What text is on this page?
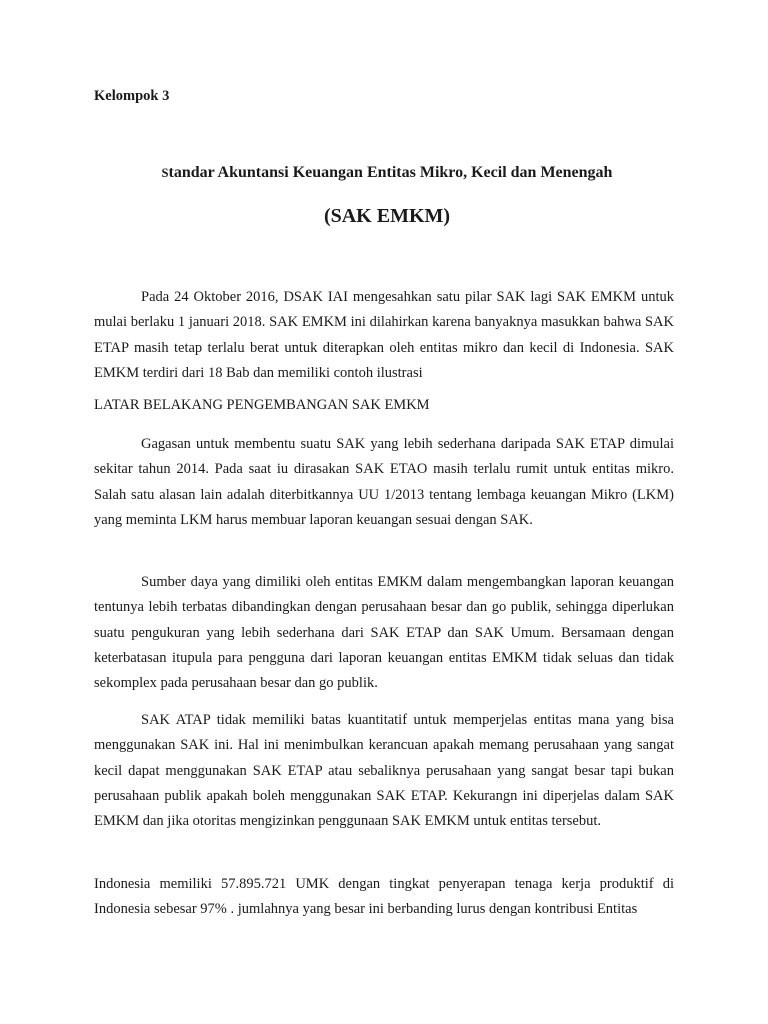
Kelompok 3

Standar Akuntansi Keuangan Entitas Mikro, Kecil dan Menengah
(SAK EMKM)

Pada 24 Oktober 2016, DSAK IAI mengesahkan satu pilar SAK lagi SAK EMKM untuk mulai berlaku 1 januari 2018. SAK EMKM ini dilahirkan karena banyaknya masukkan bahwa SAK ETAP masih tetap terlalu berat untuk diterapkan oleh entitas mikro dan kecil di Indonesia. SAK EMKM terdiri dari 18 Bab dan memiliki contoh ilustrasi

LATAR BELAKANG PENGEMBANGAN SAK EMKM

Gagasan untuk membentu suatu SAK yang lebih sederhana daripada SAK ETAP dimulai sekitar tahun 2014. Pada saat iu dirasakan SAK ETAO masih terlalu rumit untuk entitas mikro. Salah satu alasan lain adalah diterbitkannya UU 1/2013 tentang lembaga keuangan Mikro (LKM) yang meminta LKM harus membuar laporan keuangan sesuai dengan SAK.

Sumber daya yang dimiliki oleh entitas EMKM dalam mengembangkan laporan keuangan tentunya lebih terbatas dibandingkan dengan perusahaan besar dan go publik, sehingga diperlukan suatu pengukuran yang lebih sederhana dari SAK ETAP dan SAK Umum. Bersamaan dengan keterbatasan itupula para pengguna dari laporan keuangan entitas EMKM tidak seluas dan tidak sekomplex pada perusahaan besar dan go publik.

SAK ATAP tidak memiliki batas kuantitatif untuk memperjelas entitas mana yang bisa menggunakan SAK ini. Hal ini menimbulkan kerancuan apakah memang perusahaan yang sangat kecil dapat menggunakan SAK ETAP atau sebaliknya perusahaan yang sangat besar tapi bukan perusahaan publik apakah boleh menggunakan SAK ETAP. Kekurangn ini diperjelas dalam SAK EMKM dan jika otoritas mengizinkan penggunaan SAK EMKM untuk entitas tersebut.

Indonesia memiliki 57.895.721 UMK dengan tingkat penyerapan tenaga kerja produktif di Indonesia sebesar 97% . jumlahnya yang besar ini berbanding lurus dengan kontribusi Entitas
